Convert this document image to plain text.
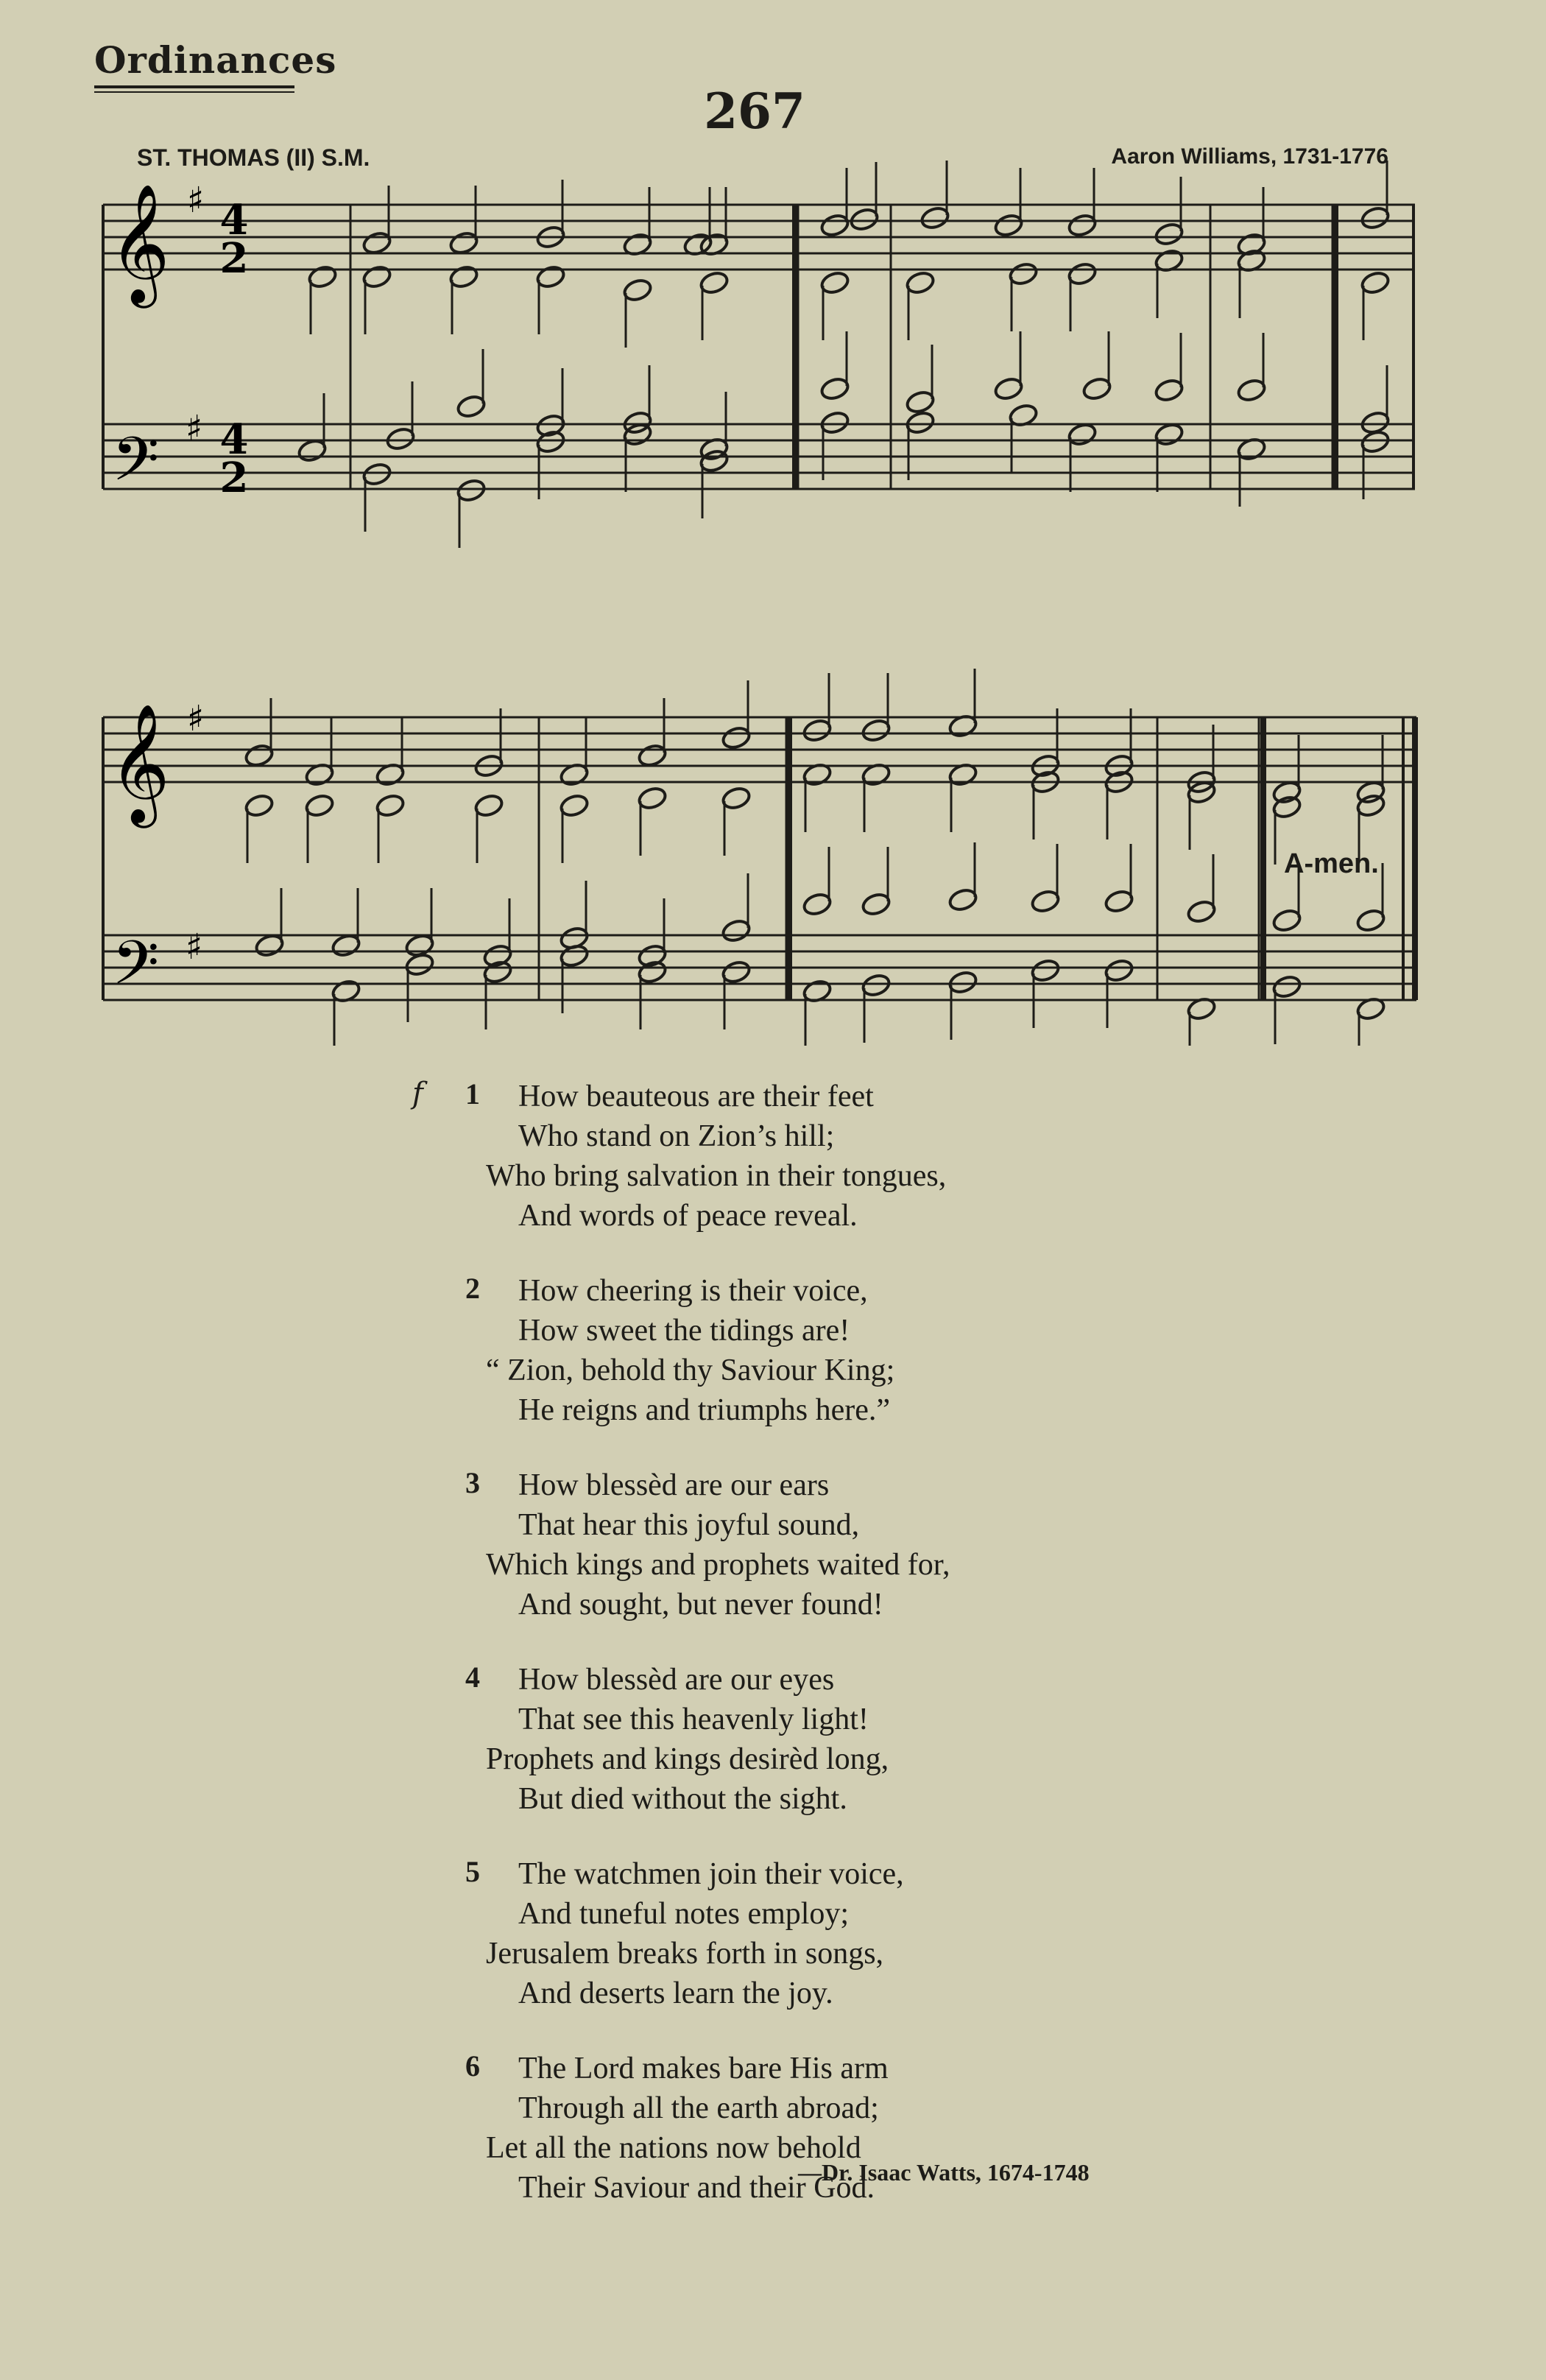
Ordinances
267
ST. THOMAS (II) S.M.	Aaron Williams, 1731-1776
𝄞
𝄢
𝄞
𝄢
♯
♯
♯
♯
4
2
4
2
A-men.
f	1	How beauteous are their feet
Who stand on Zion’s hill;
Who bring salvation in their tongues,
And words of peace reveal.
2	How cheering is their voice,
How sweet the tidings are!
“ Zion, behold thy Saviour King;
He reigns and triumphs here.”
3	How blessèd are our ears
That hear this joyful sound,
Which kings and prophets waited for,
And sought, but never found!
4	How blessèd are our eyes
That see this heavenly light!
Prophets and kings desirèd long,
But died without the sight.
5	The watchmen join their voice,
And tuneful notes employ;
Jerusalem breaks forth in songs,
And deserts learn the joy.
6	The Lord makes bare His arm
Through all the earth abroad;
Let all the nations now behold
Their Saviour and their God.
—Dr. Isaac Watts, 1674-1748
